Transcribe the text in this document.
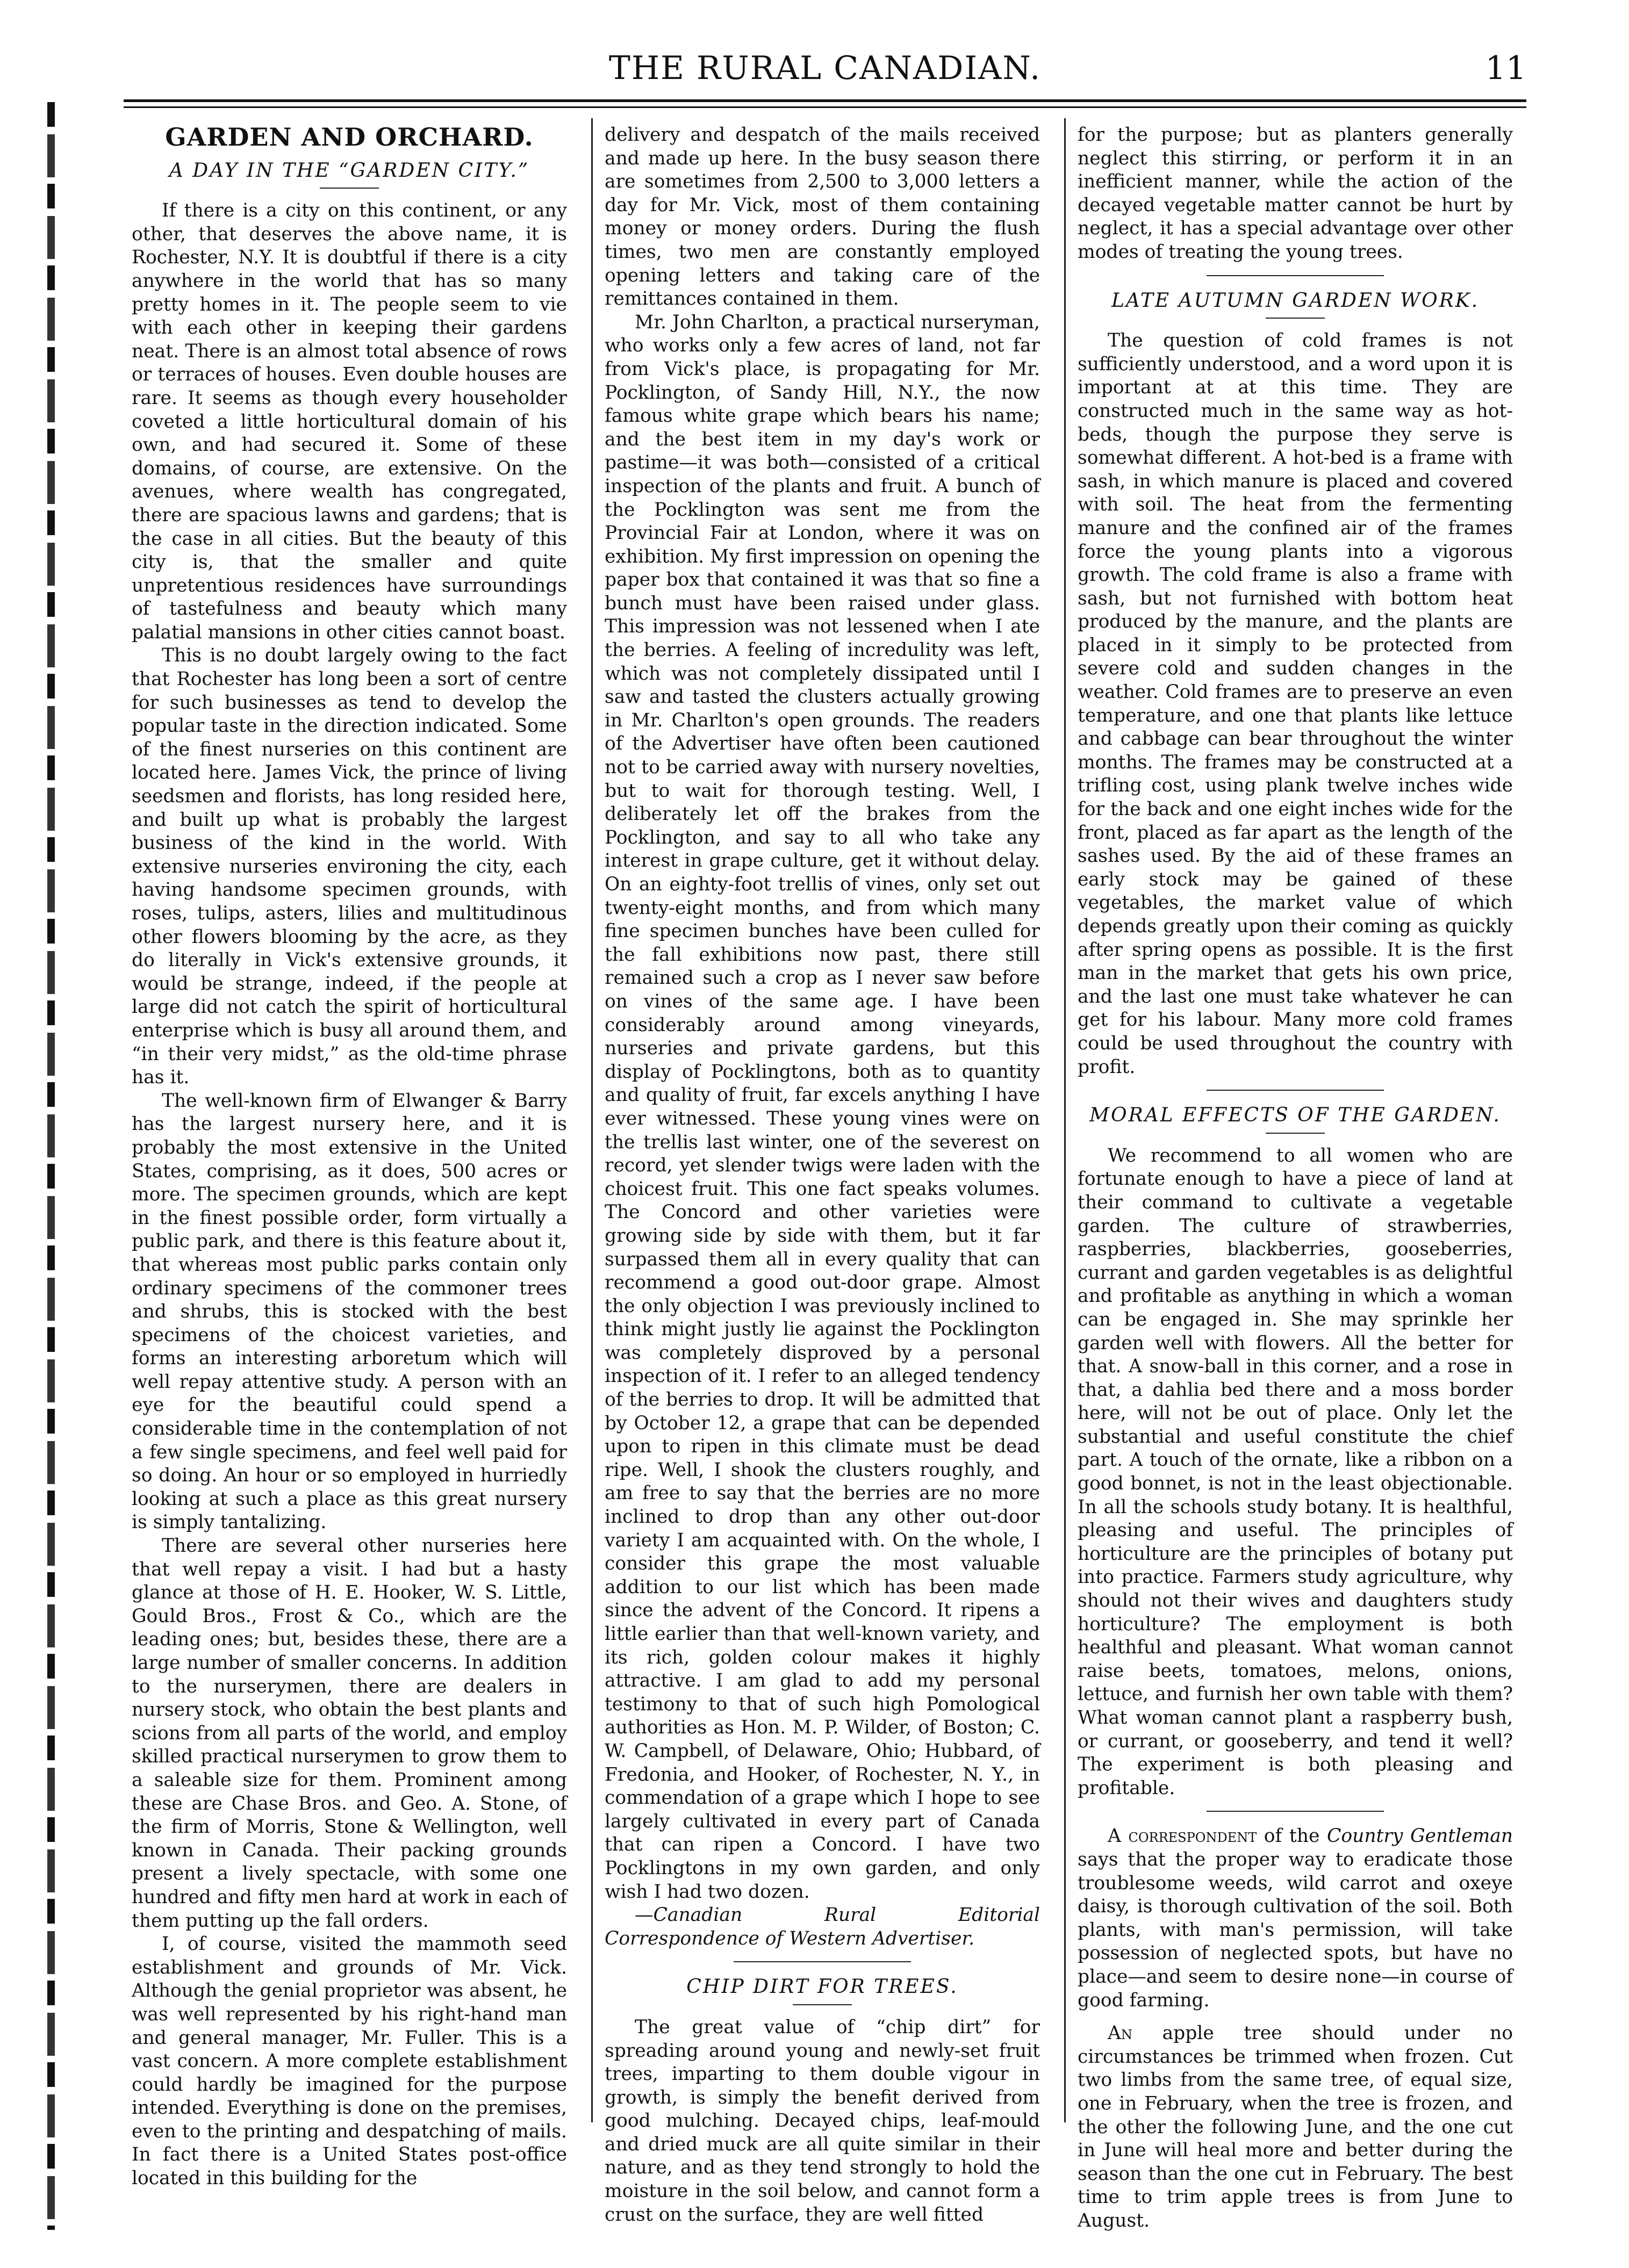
THE RURAL CANADIAN.	11
GARDEN AND ORCHARD.
A DAY IN THE “GARDEN CITY.”

If there is a city on this continent, or any other, that deserves the above name, it is Rochester, N.Y. It is doubtful if there is a city anywhere in the world that has so many pretty homes in it. The people seem to vie with each other in keeping their gardens neat. There is an almost total absence of rows or terraces of houses. Even double houses are rare. It seems as though every householder coveted a little horticultural domain of his own, and had secured it. Some of these domains, of course, are extensive. On the avenues, where wealth has congregated, there are spacious lawns and gardens; that is the case in all cities. But the beauty of this city is, that the smaller and quite unpretentious residences have surroundings of tastefulness and beauty which many palatial mansions in other cities cannot boast.

This is no doubt largely owing to the fact that Rochester has long been a sort of centre for such businesses as tend to develop the popular taste in the direction indicated. Some of the finest nurseries on this continent are located here. James Vick, the prince of living seedsmen and florists, has long resided here, and built up what is probably the largest business of the kind in the world. With extensive nurseries environing the city, each having handsome specimen grounds, with roses, tulips, asters, lilies and multitudinous other flowers blooming by the acre, as they do literally in Vick's extensive grounds, it would be strange, indeed, if the people at large did not catch the spirit of horticultural enterprise which is busy all around them, and “in their very midst,” as the old-time phrase has it.

The well-known firm of Elwanger & Barry has the largest nursery here, and it is probably the most extensive in the United States, comprising, as it does, 500 acres or more. The specimen grounds, which are kept in the finest possible order, form virtually a public park, and there is this feature about it, that whereas most public parks contain only ordinary specimens of the commoner trees and shrubs, this is stocked with the best specimens of the choicest varieties, and forms an interesting arboretum which will well repay attentive study. A person with an eye for the beautiful could spend a considerable time in the contemplation of not a few single specimens, and feel well paid for so doing. An hour or so employed in hurriedly looking at such a place as this great nursery is simply tantalizing.

There are several other nurseries here that well repay a visit. I had but a hasty glance at those of H. E. Hooker, W. S. Little, Gould Bros., Frost & Co., which are the leading ones; but, besides these, there are a large number of smaller concerns. In addition to the nurserymen, there are dealers in nursery stock, who obtain the best plants and scions from all parts of the world, and employ skilled practical nurserymen to grow them to a saleable size for them. Prominent among these are Chase Bros. and Geo. A. Stone, of the firm of Morris, Stone & Wellington, well known in Canada. Their packing grounds present a lively spectacle, with some one hundred and fifty men hard at work in each of them putting up the fall orders.

I, of course, visited the mammoth seed establishment and grounds of Mr. Vick. Although the genial proprietor was absent, he was well represented by his right-hand man and general manager, Mr. Fuller. This is a vast concern. A more complete establishment could hardly be imagined for the purpose intended. Everything is done on the premises, even to the printing and despatching of mails. In fact there is a United States post-office located in this building for the

delivery and despatch of the mails received and made up here. In the busy season there are sometimes from 2,500 to 3,000 letters a day for Mr. Vick, most of them containing money or money orders. During the flush times, two men are constantly employed opening letters and taking care of the remittances contained in them.

Mr. John Charlton, a practical nurseryman, who works only a few acres of land, not far from Vick's place, is propagating for Mr. Pocklington, of Sandy Hill, N.Y., the now famous white grape which bears his name; and the best item in my day's work or pastime—it was both—consisted of a critical inspection of the plants and fruit. A bunch of the Pocklington was sent me from the Provincial Fair at London, where it was on exhibition. My first impression on opening the paper box that contained it was that so fine a bunch must have been raised under glass. This impression was not lessened when I ate the berries. A feeling of incredulity was left, which was not completely dissipated until I saw and tasted the clusters actually growing in Mr. Charlton's open grounds. The readers of the Advertiser have often been cautioned not to be carried away with nursery novelties, but to wait for thorough testing. Well, I deliberately let off the brakes from the Pocklington, and say to all who take any interest in grape culture, get it without delay. On an eighty-foot trellis of vines, only set out twenty-eight months, and from which many fine specimen bunches have been culled for the fall exhibitions now past, there still remained such a crop as I never saw before on vines of the same age. I have been considerably around among vineyards, nurseries and private gardens, but this display of Pocklingtons, both as to quantity and quality of fruit, far excels anything I have ever witnessed. These young vines were on the trellis last winter, one of the severest on record, yet slender twigs were laden with the choicest fruit. This one fact speaks volumes. The Concord and other varieties were growing side by side with them, but it far surpassed them all in every quality that can recommend a good out-door grape. Almost the only objection I was previously inclined to think might justly lie against the Pocklington was completely disproved by a personal inspection of it. I refer to an alleged tendency of the berries to drop. It will be admitted that by October 12, a grape that can be depended upon to ripen in this climate must be dead ripe. Well, I shook the clusters roughly, and am free to say that the berries are no more inclined to drop than any other out-door variety I am acquainted with. On the whole, I consider this grape the most valuable addition to our list which has been made since the advent of the Concord. It ripens a little earlier than that well-known variety, and its rich, golden colour makes it highly attractive. I am glad to add my personal testimony to that of such high Pomological authorities as Hon. M. P. Wilder, of Boston; C. W. Campbell, of Delaware, Ohio; Hubbard, of Fredonia, and Hooker, of Rochester, N. Y., in commendation of a grape which I hope to see largely cultivated in every part of Canada that can ripen a Concord. I have two Pocklingtons in my own garden, and only wish I had two dozen.

—Canadian Rural Editorial Correspondence of Western Advertiser.

CHIP DIRT FOR TREES.

The great value of “chip dirt” for spreading around young and newly-set fruit trees, imparting to them double vigour in growth, is simply the benefit derived from good mulching. Decayed chips, leaf-mould and dried muck are all quite similar in their nature, and as they tend strongly to hold the moisture in the soil below, and cannot form a crust on the surface, they are well fitted

for the purpose; but as planters generally neglect this stirring, or perform it in an inefficient manner, while the action of the decayed vegetable matter cannot be hurt by neglect, it has a special advantage over other modes of treating the young trees.

LATE AUTUMN GARDEN WORK.

The question of cold frames is not sufficiently understood, and a word upon it is important at at this time. They are constructed much in the same way as hot-beds, though the purpose they serve is somewhat different. A hot-bed is a frame with sash, in which manure is placed and covered with soil. The heat from the fermenting manure and the confined air of the frames force the young plants into a vigorous growth. The cold frame is also a frame with sash, but not furnished with bottom heat produced by the manure, and the plants are placed in it simply to be protected from severe cold and sudden changes in the weather. Cold frames are to preserve an even temperature, and one that plants like lettuce and cabbage can bear throughout the winter months. The frames may be constructed at a trifling cost, using plank twelve inches wide for the back and one eight inches wide for the front, placed as far apart as the length of the sashes used. By the aid of these frames an early stock may be gained of these vegetables, the market value of which depends greatly upon their coming as quickly after spring opens as possible. It is the first man in the market that gets his own price, and the last one must take whatever he can get for his labour. Many more cold frames could be used throughout the country with profit.

MORAL EFFECTS OF THE GARDEN.

We recommend to all women who are fortunate enough to have a piece of land at their command to cultivate a vegetable garden. The culture of strawberries, raspberries, blackberries, gooseberries, currant and garden vegetables is as delightful and profitable as anything in which a woman can be engaged in. She may sprinkle her garden well with flowers. All the better for that. A snow-ball in this corner, and a rose in that, a dahlia bed there and a moss border here, will not be out of place. Only let the substantial and useful constitute the chief part. A touch of the ornate, like a ribbon on a good bonnet, is not in the least objectionable. In all the schools study botany. It is healthful, pleasing and useful. The principles of horticulture are the principles of botany put into practice. Farmers study agriculture, why should not their wives and daughters study horticulture? The employment is both healthful and pleasant. What woman cannot raise beets, tomatoes, melons, onions, lettuce, and furnish her own table with them? What woman cannot plant a raspberry bush, or currant, or gooseberry, and tend it well? The experiment is both pleasing and profitable.

A correspondent of the Country Gentleman says that the proper way to eradicate those troublesome weeds, wild carrot and oxeye daisy, is thorough cultivation of the soil. Both plants, with man's permission, will take possession of neglected spots, but have no place—and seem to desire none—in course of good farming.

An apple tree should under no circumstances be trimmed when frozen. Cut two limbs from the same tree, of equal size, one in February, when the tree is frozen, and the other the following June, and the one cut in June will heal more and better during the season than the one cut in February. The best time to trim apple trees is from June to August.
